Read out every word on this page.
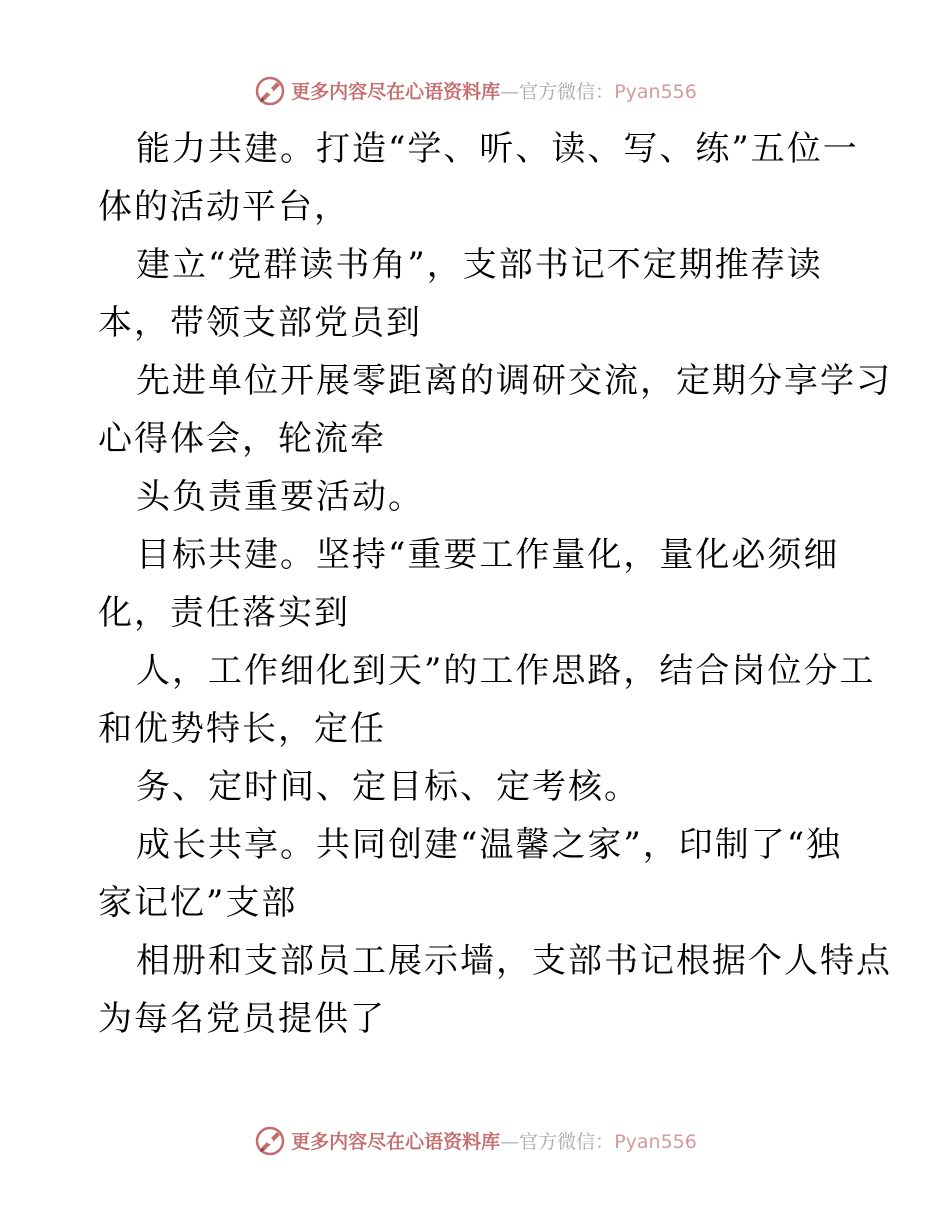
更多内容尽在心语资料库—官方微信：Pyan556
能力共建。打造“学、听、读、写、练”五位一
体的活动平台，
建立“党群读书角”，支部书记不定期推荐读
本，带领支部党员到
先进单位开展零距离的调研交流，定期分享学习
心得体会，轮流牵
头负责重要活动。
目标共建。坚持“重要工作量化，量化必须细
化，责任落实到
人，工作细化到天”的工作思路，结合岗位分工
和优势特长，定任
务、定时间、定目标、定考核。
成长共享。共同创建“温馨之家”，印制了“独
家记忆”支部
相册和支部员工展示墙，支部书记根据个人特点
为每名党员提供了
更多内容尽在心语资料库—官方微信：Pyan556
